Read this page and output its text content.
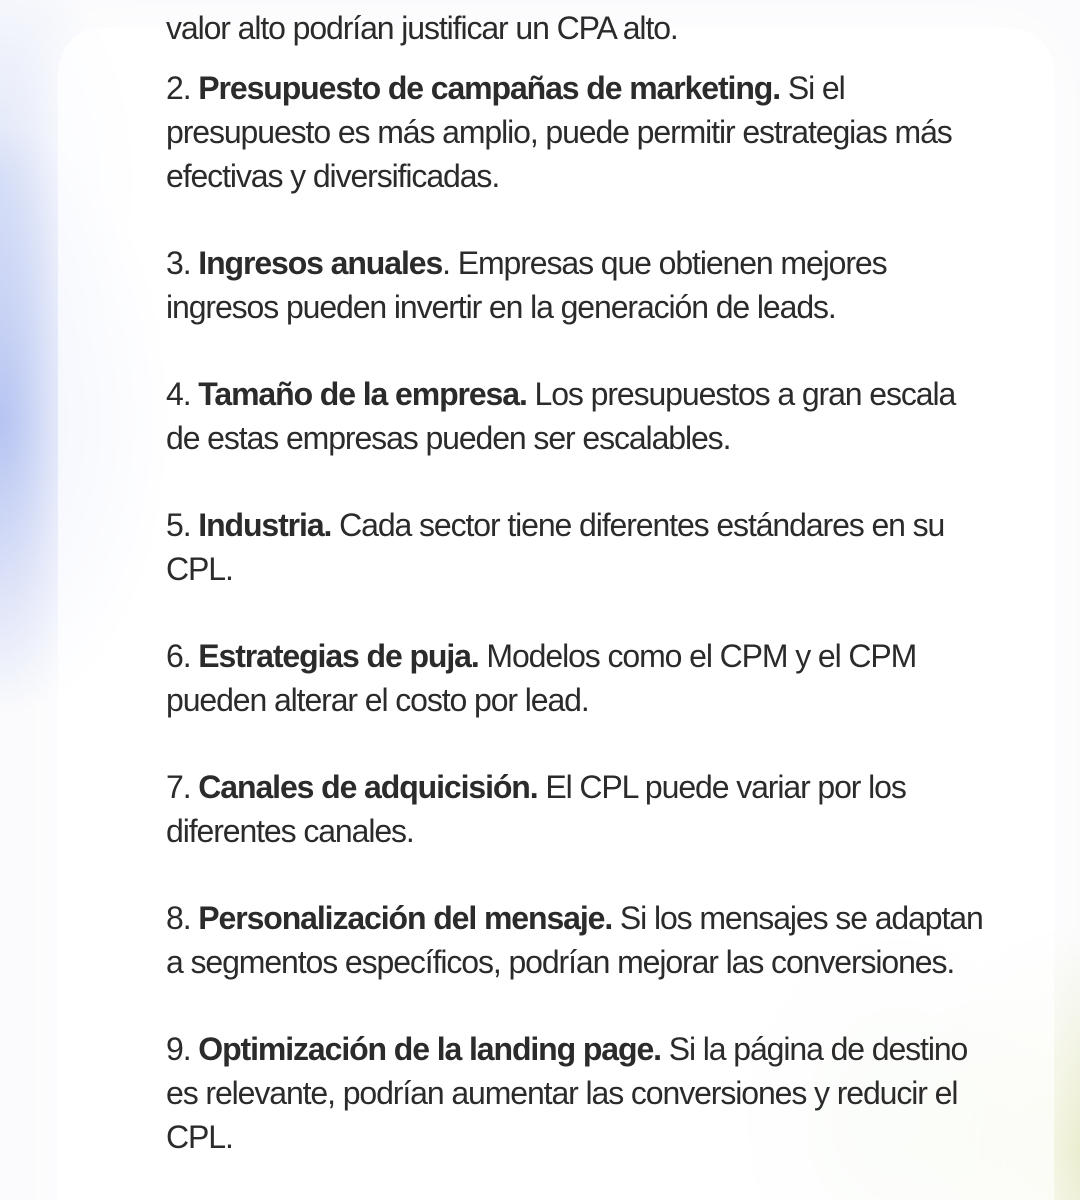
valor alto podrían justificar un CPA alto.

2. Presupuesto de campañas de marketing. Si el presupuesto es más amplio, puede permitir estrategias más efectivas y diversificadas.
3. Ingresos anuales. Empresas que obtienen mejores ingresos pueden invertir en la generación de leads.
4. Tamaño de la empresa. Los presupuestos a gran escala de estas empresas pueden ser escalables.
5. Industria. Cada sector tiene diferentes estándares en su CPL.
6. Estrategias de puja. Modelos como el CPM y el CPM pueden alterar el costo por lead.
7. Canales de adquicisión. El CPL puede variar por los diferentes canales.
8. Personalización del mensaje. Si los mensajes se adaptan a segmentos específicos, podrían mejorar las conversiones.
9. Optimización de la landing page. Si la página de destino es relevante, podrían aumentar las conversiones y reducir el CPL.
